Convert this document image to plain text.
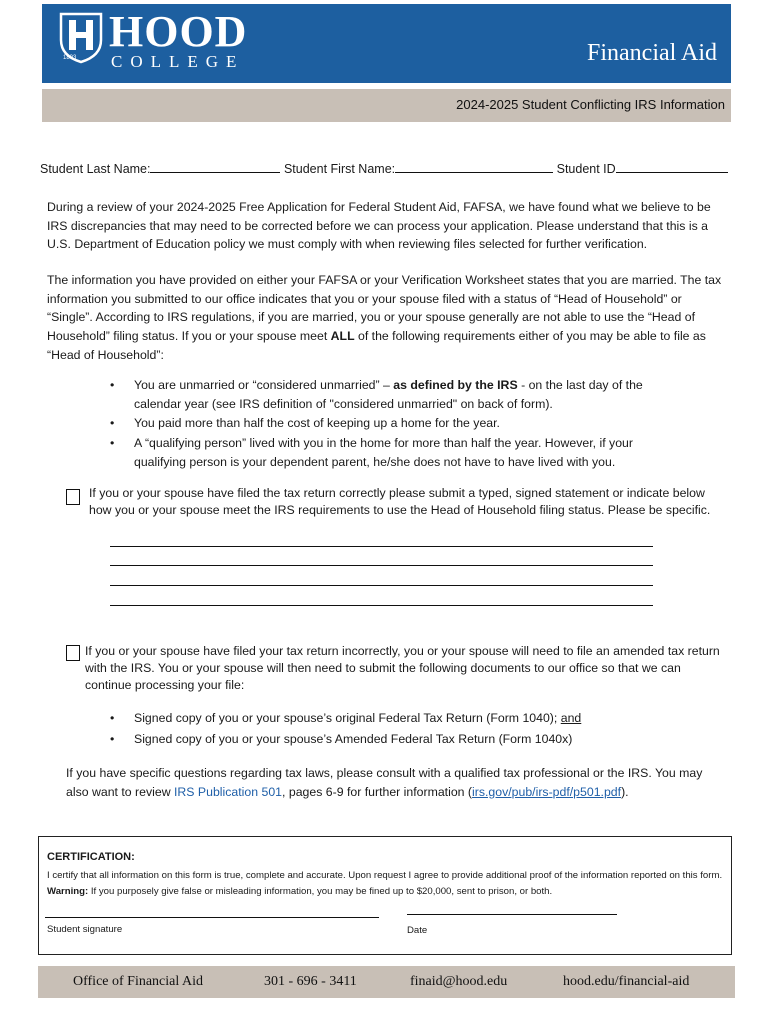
1893
HOOD
COLLEGE	Financial Aid
2024-2025 Student Conflicting IRS Information
Student Last Name:	Student First Name:	Student ID

During a review of your 2024-2025 Free Application for Federal Student Aid, FAFSA, we have found what we believe to be IRS discrepancies that may need to be corrected before we can process your application. Please understand that this is a U.S. Department of Education policy we must comply with when reviewing files selected for further verification.

The information you have provided on either your FAFSA or your Verification Worksheet states that you are married. The tax information you submitted to our office indicates that you or your spouse filed with a status of “Head of Household” or “Single”. According to IRS regulations, if you are married, you or your spouse generally are not able to use the “Head of Household” filing status. If you or your spouse meet ALL of the following requirements either of you may be able to file as “Head of Household”:

• You are unmarried or “considered unmarried” – as defined by the IRS - on the last day of the calendar year (see IRS definition of "considered unmarried" on back of form).
• You paid more than half the cost of keeping up a home for the year.
• A “qualifying person” lived with you in the home for more than half the year. However, if your qualifying person is your dependent parent, he/she does not have to have lived with you.

If you or your spouse have filed the tax return correctly please submit a typed, signed statement or indicate below how you or your spouse meet the IRS requirements to use the Head of Household filing status. Please be specific.

If you or your spouse have filed your tax return incorrectly, you or your spouse will need to file an amended tax return with the IRS. You or your spouse will then need to submit the following documents to our office so that we can continue processing your file:

• Signed copy of you or your spouse’s original Federal Tax Return (Form 1040); and
• Signed copy of you or your spouse’s Amended Federal Tax Return (Form 1040x)

If you have specific questions regarding tax laws, please consult with a qualified tax professional or the IRS. You may also want to review IRS Publication 501, pages 6-9 for further information (irs.gov/pub/irs-pdf/p501.pdf).

CERTIFICATION:

I certify that all information on this form is true, complete and accurate. Upon request I agree to provide additional proof of the information reported on this form. Warning: If you purposely give false or misleading information, you may be fined up to $20,000, sent to prison, or both.

Student signature	Date
Office of Financial Aid	301 - 696 - 3411	finaid@hood.edu	hood.edu/financial-aid
